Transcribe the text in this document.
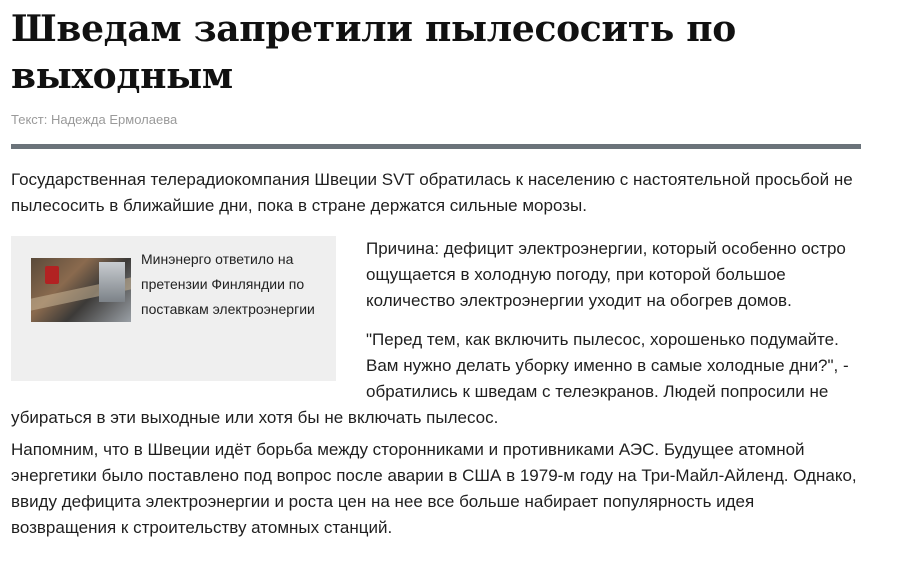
Шведам запретили пылесосить по выходным
Текст: Надежда Ермолаева

Государственная телерадиокомпания Швеции SVT обратилась к населению с настоятельной просьбой не пылесосить в ближайшие дни, пока в стране держатся сильные морозы.

Минэнерго ответило на претензии Финляндии по поставкам электроэнергии

Причина: дефицит электроэнергии, который особенно остро ощущается в холодную погоду, при которой большое количество электроэнергии уходит на обогрев домов.

"Перед тем, как включить пылесос, хорошенько подумайте. Вам нужно делать уборку именно в самые холодные дни?", - обратились к шведам с телеэкранов. Людей попросили не убираться в эти выходные или хотя бы не включать пылесос.

Напомним, что в Швеции идёт борьба между сторонниками и противниками АЭС. Будущее атомной энергетики было поставлено под вопрос после аварии в США в 1979-м году на Три-Майл-Айленд. Однако, ввиду дефицита электроэнергии и роста цен на нее все больше набирает популярность идея возвращения к строительству атомных станций.
